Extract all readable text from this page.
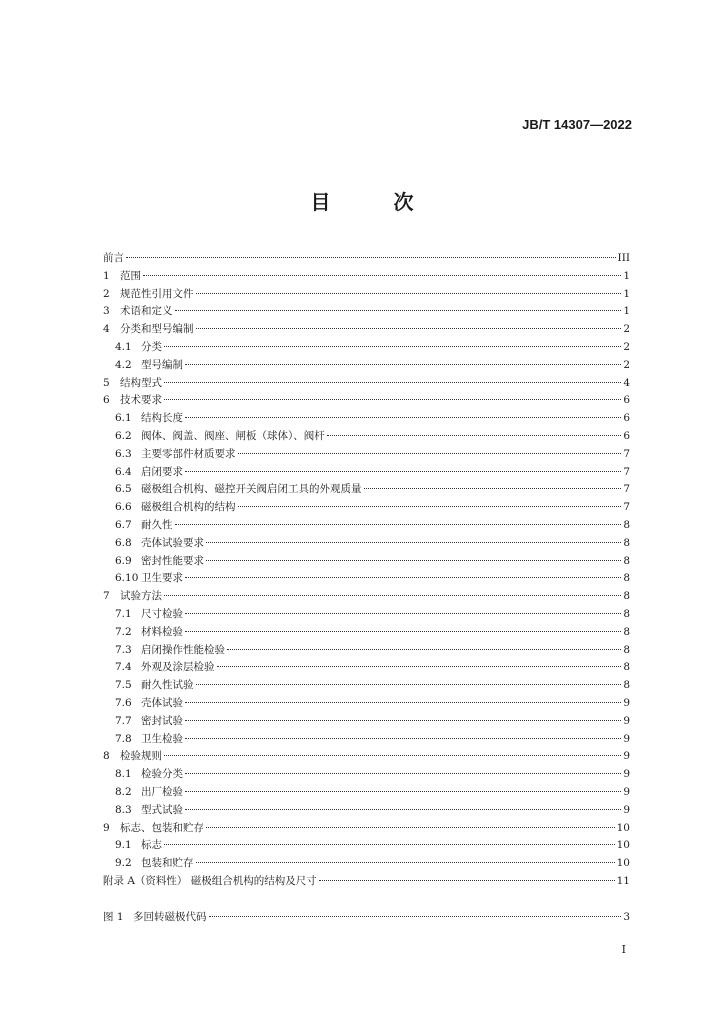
JB/T 14307—2022
目 次
前言	III
1 范围	1
2 规范性引用文件	1
3 术语和定义	1
4 分类和型号编制	2
4.1 分类	2
4.2 型号编制	2
5 结构型式	4
6 技术要求	6
6.1 结构长度	6
6.2 阀体、阀盖、阀座、闸板（球体）、阀杆	6
6.3 主要零部件材质要求	7
6.4 启闭要求	7
6.5 磁极组合机构、磁控开关阀启闭工具的外观质量	7
6.6 磁极组合机构的结构	7
6.7 耐久性	8
6.8 壳体试验要求	8
6.9 密封性能要求	8
6.10 卫生要求	8
7 试验方法	8
7.1 尺寸检验	8
7.2 材料检验	8
7.3 启闭操作性能检验	8
7.4 外观及涂层检验	8
7.5 耐久性试验	8
7.6 壳体试验	9
7.7 密封试验	9
7.8 卫生检验	9
8 检验规则	9
8.1 检验分类	9
8.2 出厂检验	9
8.3 型式试验	9
9 标志、包装和贮存	10
9.1 标志	10
9.2 包装和贮存	10
附录 A（资料性） 磁极组合机构的结构及尺寸	11
图 1 多回转磁极代码	3
I
